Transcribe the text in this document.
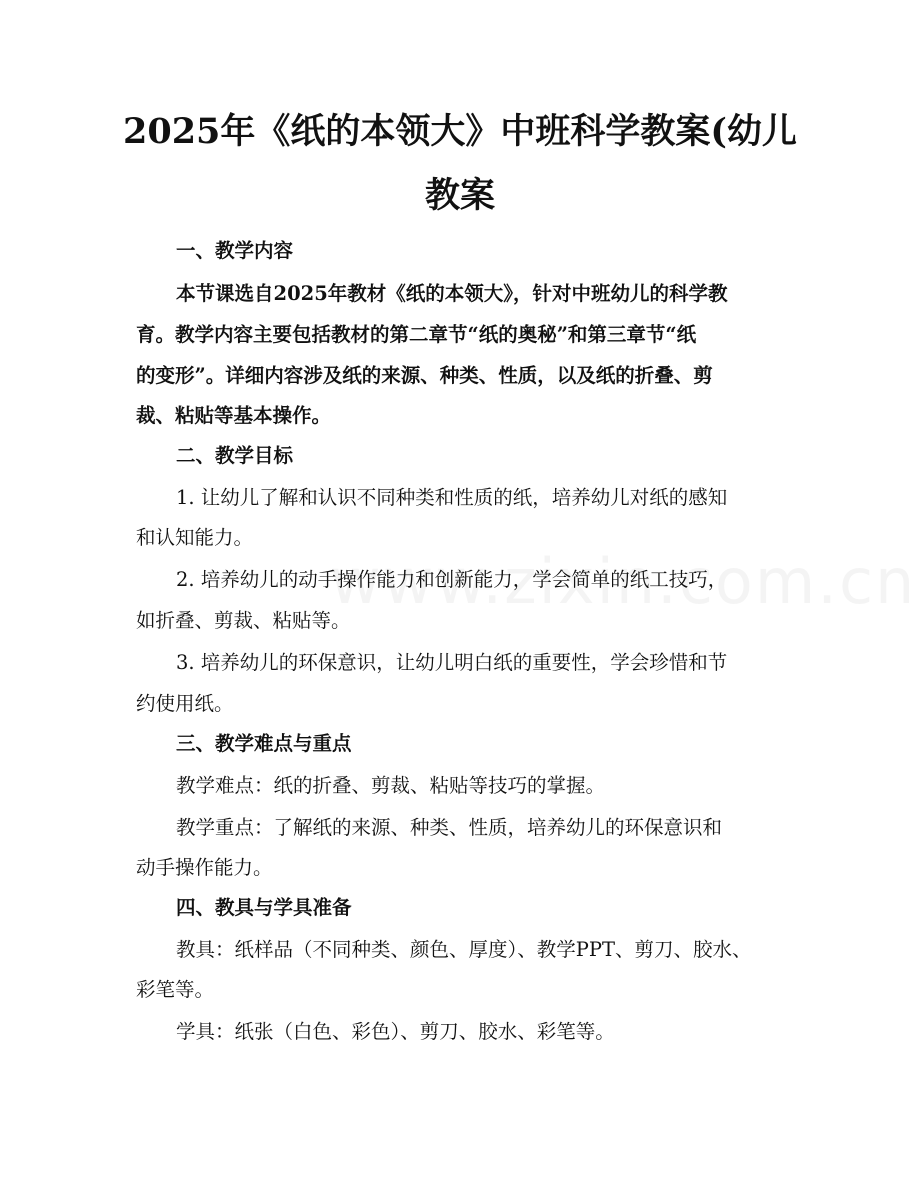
2025年《纸的本领大》中班科学教案(幼儿

教案

一、教学内容

本节课选自2025年教材《纸的本领大》，针对中班幼儿的科学教

育。教学内容主要包括教材的第二章节“纸的奥秘”和第三章节“纸

的变形”。详细内容涉及纸的来源、种类、性质，以及纸的折叠、剪

裁、粘贴等基本操作。

二、教学目标

1. 让幼儿了解和认识不同种类和性质的纸，培养幼儿对纸的感知

和认知能力。

2. 培养幼儿的动手操作能力和创新能力，学会简单的纸工技巧，

如折叠、剪裁、粘贴等。

3. 培养幼儿的环保意识，让幼儿明白纸的重要性，学会珍惜和节

约使用纸。

三、教学难点与重点

教学难点：纸的折叠、剪裁、粘贴等技巧的掌握。

教学重点：了解纸的来源、种类、性质，培养幼儿的环保意识和

动手操作能力。

四、教具与学具准备

教具：纸样品（不同种类、颜色、厚度）、教学PPT、剪刀、胶水、

彩笔等。

学具：纸张（白色、彩色）、剪刀、胶水、彩笔等。
